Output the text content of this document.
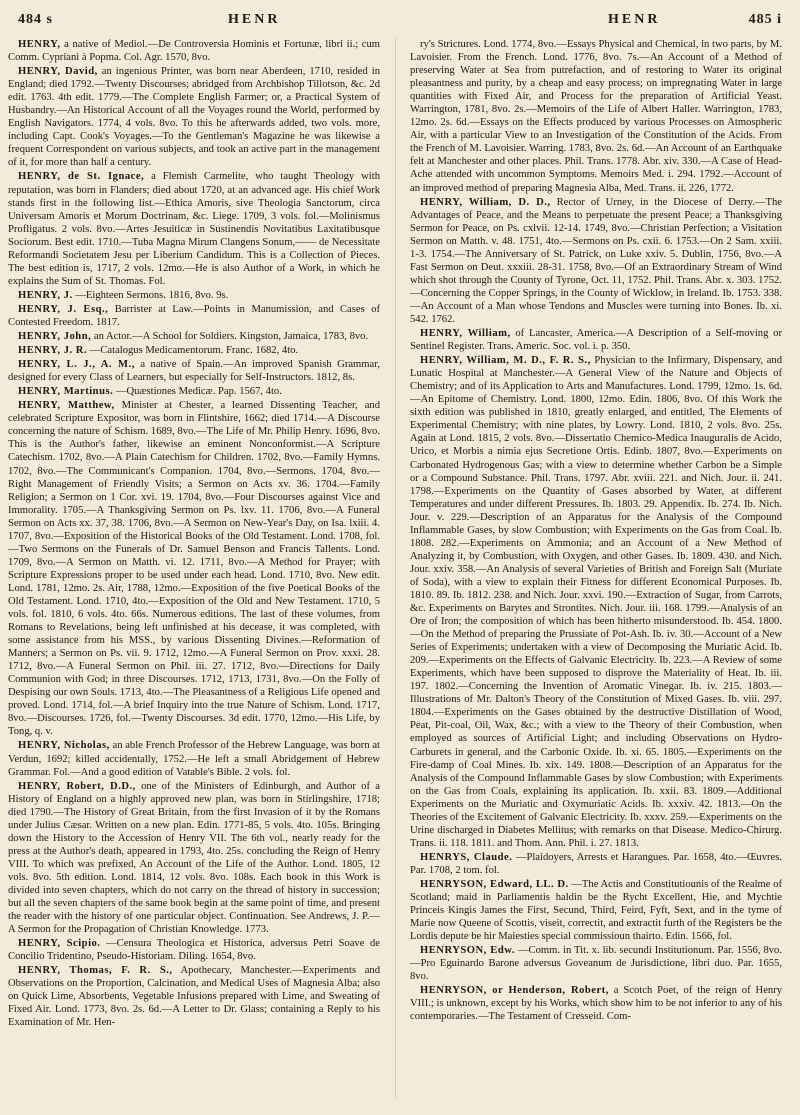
484 s	HENR	HENR	485 i

HENRY, a native of Mediol.—De Controversia Hominis et Fortunæ, libri ii.; cum Comm. Cypriani à Popma. Col. Agr. 1570, 8vo.

HENRY, David, an ingenious Printer, was born near Aberdeen, 1710, resided in England; died 1792.—Twenty Discourses; abridged from Archbishop Tillotson, &c. 2d edit. 1763. 4th edit. 1779.—The Complete English Farmer; or, a Practical System of Husbandry.—An Historical Account of all the Voyages round the World, performed by English Navigators. 1774, 4 vols. 8vo. To this he afterwards added, two vols. more, including Capt. Cook's Voyages.—To the Gentleman's Magazine he was likewise a frequent Correspondent on various subjects, and took an active part in the management of it, for more than half a century.

HENRY, de St. Ignace, a Flemish Carmelite, who taught Theology with reputation, was born in Flanders; died about 1720, at an advanced age. His chief Work stands first in the following list.—Ethica Amoris, sive Theologia Sanctorum, circa Universam Amoris et Morum Doctrinam, &c. Liege. 1709, 3 vols. fol.—Molinismus Profligatus. 2 vols. 8vo.—Artes Jesuiticæ in Sustinendis Novitatibus Laxitatibusque Sociorum. Best edit. 1710.—Tuba Magna Mirum Clangens Sonum,—— de Necessitate Reformandi Societatem Jesu per Liberium Candidum. This is a Collection of Pieces. The best edition is, 1717, 2 vols. 12mo.—He is also Author of a Work, in which he explains the Sum of St. Thomas. Fol.

HENRY, J. —Eighteen Sermons. 1816, 8vo. 9s.

HENRY, J. Esq., Barrister at Law.—Points in Manumission, and Cases of Contested Freedom. 1817.

HENRY, John, an Actor.—A School for Soldiers. Kingston, Jamaica, 1783, 8vo.

HENRY, J. R. —Catalogus Medicamentorum. Franc. 1682, 4to.

HENRY, L. J., A. M., a native of Spain.—An improved Spanish Grammar, designed for every Class of Learners, but especially for Self-Instructors. 1812, 8s.

HENRY, Martinus. —Quæstiones Medicæ. Pap. 1567, 4to.

HENRY, Matthew, Minister at Chester, a learned Dissenting Teacher, and celebrated Scripture Expositor, was born in Flintshire, 1662; died 1714.—A Discourse concerning the nature of Schism. 1689, 8vo.—The Life of Mr. Philip Henry. 1696, 8vo. This is the Author's father, likewise an eminent Nonconformist.—A Scripture Catechism. 1702, 8vo.—A Plain Catechism for Children. 1702, 8vo.—Family Hymns. 1702, 8vo.—The Communicant's Companion. 1704, 8vo.—Sermons. 1704, 8vo.—Right Management of Friendly Visits; a Sermon on Acts xv. 36. 1704.—Family Religion; a Sermon on 1 Cor. xvi. 19. 1704, 8vo.—Four Discourses against Vice and Immorality. 1705.—A Thanksgiving Sermon on Ps. lxv. 11. 1706, 8vo.—A Funeral Sermon on Acts xx. 37, 38. 1706, 8vo.—A Sermon on New-Year's Day, on Isa. lxiii. 4. 1707, 8vo.—Exposition of the Historical Books of the Old Testament. Lond. 1708, fol.—Two Sermons on the Funerals of Dr. Samuel Benson and Francis Tallents. Lond. 1709, 8vo.—A Sermon on Matth. vi. 12. 1711, 8vo.—A Method for Prayer; with Scripture Expressions proper to be used under each head. Lond. 1710, 8vo. New edit. Lond. 1781, 12mo. 2s. Air, 1788, 12mo.—Exposition of the five Poetical Books of the Old Testament. Lond. 1710, 4to.—Exposition of the Old and New Testament. 1710, 5 vols. fol. 1810, 6 vols. 4to. 66s. Numerous editions. The last of these volumes, from Romans to Revelations, being left unfinished at his decease, it was completed, with some assistance from his MSS., by various Dissenting Divines.—Reformation of Manners; a Sermon on Ps. vii. 9. 1712, 12mo.—A Funeral Sermon on Prov. xxxi. 28. 1712, 8vo.—A Funeral Sermon on Phil. iii. 27. 1712, 8vo.—Directions for Daily Communion with God; in three Discourses. 1712, 1713, 1731, 8vo.—On the Folly of Despising our own Souls. 1713, 4to.—The Pleasantness of a Religious Life opened and proved. Lond. 1714, fol.—A brief Inquiry into the true Nature of Schism. Lond. 1717, 8vo.—Discourses. 1726, fol.—Twenty Discourses. 3d edit. 1770, 12mo.—His Life, by Tong, q. v.

HENRY, Nicholas, an able French Professor of the Hebrew Language, was born at Verdun, 1692; killed accidentally, 1752.—He left a small Abridgement of Hebrew Grammar. Fol.—And a good edition of Vatable's Bible. 2 vols. fol.

HENRY, Robert, D.D., one of the Ministers of Edinburgh, and Author of a History of England on a highly approved new plan, was born in Stirlingshire, 1718; died 1790.—The History of Great Britain, from the first Invasion of it by the Romans under Julius Cæsar. Written on a new plan. Edin. 1771-85, 5 vols. 4to. 105s. Bringing down the History to the Accession of Henry VII. The 6th vol., nearly ready for the press at the Author's death, appeared in 1793, 4to. 25s. concluding the Reign of Henry VIII. To which was prefixed, An Account of the Life of the Author. Lond. 1805, 12 vols. 8vo. 5th edition. Lond. 1814, 12 vols. 8vo. 108s. Each book in this Work is divided into seven chapters, which do not carry on the thread of history in succession; but all the seven chapters of the same book begin at the same point of time, and present the reader with the history of one particular object. Continuation. See Andrews, J. P.—A Sermon for the Propagation of Christian Knowledge. 1773.

HENRY, Scipio. —Censura Theologica et Historica, adversus Petri Soave de Concilio Tridentino, Pseudo-Historiam. Diling. 1654, 8vo.

HENRY, Thomas, F. R. S., Apothecary, Manchester.—Experiments and Observations on the Proportion, Calcination, and Medical Uses of Magnesia Alba; also on Quick Lime, Absorbents, Vegetable Infusions prepared with Lime, and Sweating of Fixed Air. Lond. 1773, 8vo. 2s. 6d.—A Letter to Dr. Glass; containing a Reply to his Examination of Mr. Hen-

ry's Strictures. Lond. 1774, 8vo.—Essays Physical and Chemical, in two parts, by M. Lavoisier. From the French. Lond. 1776, 8vo. 7s.—An Account of a Method of preserving Water at Sea from putrefaction, and of restoring to Water its original pleasantness and purity, by a cheap and easy process; on impregnating Water in large quantities with Fixed Air, and Process for the preparation of Artificial Yeast. Warrington, 1781, 8vo. 2s.—Memoirs of the Life of Albert Haller. Warrington, 1783, 12mo. 2s. 6d.—Essays on the Effects produced by various Processes on Atmospheric Air, with a particular View to an Investigation of the Constitution of the Acids. From the French of M. Lavoisier. Warring. 1783, 8vo. 2s. 6d.—An Account of an Earthquake felt at Manchester and other places. Phil. Trans. 1778. Abr. xiv. 330.—A Case of Head-Ache attended with uncommon Symptoms. Memoirs Med. i. 294. 1792.—Account of an improved method of preparing Magnesia Alba, Med. Trans. ii. 226, 1772.

HENRY, William, D. D., Rector of Urney, in the Diocese of Derry.—The Advantages of Peace, and the Means to perpetuate the present Peace; a Thanksgiving Sermon for Peace, on Ps. cxlvii. 12-14. 1749, 8vo.—Christian Perfection; a Visitation Sermon on Matth. v. 48. 1751, 4to.—Sermons on Ps. cxii. 6. 1753.—On 2 Sam. xxiii. 1-3. 1754.—The Anniversary of St. Patrick, on Luke xxiv. 5. Dublin, 1756, 8vo.—A Fast Sermon on Deut. xxxiii. 28-31. 1758, 8vo.—Of an Extraordinary Stream of Wind which shot through the County of Tyrone, Oct. 11, 1752. Phil. Trans. Abr. x. 303. 1752.—Concerning the Copper Springs, in the County of Wicklow, in Ireland. Ib. 1753. 338.—An Account of a Man whose Tendons and Muscles were turning into Bones. Ib. xi. 542. 1762.

HENRY, William, of Lancaster, America.—A Description of a Self-moving or Sentinel Register. Trans. Americ. Soc. vol. i. p. 350.

HENRY, William, M. D., F. R. S., Physician to the Infirmary, Dispensary, and Lunatic Hospital at Manchester.—A General View of the Nature and Objects of Chemistry; and of its Application to Arts and Manufactures. Lond. 1799, 12mo. 1s. 6d.—An Epitome of Chemistry. Lond. 1800, 12mo. Edin. 1806, 8vo. Of this Work the sixth edition was published in 1810, greatly enlarged, and entitled, The Elements of Experimental Chemistry; with nine plates, by Lowry. Lond. 1810, 2 vols. 8vo. 25s. Again at Lond. 1815, 2 vols. 8vo.—Dissertatio Chemico-Medica Inauguralis de Acido, Urico, et Morbis a nimia ejus Secretione Ortis. Edinb. 1807, 8vo.—Experiments on Carbonated Hydrogenous Gas; with a view to determine whether Carbon be a Simple or a Compound Substance. Phil. Trans. 1797. Abr. xviii. 221. and Nich. Jour. ii. 241. 1798.—Experiments on the Quantity of Gases absorbed by Water, at different Temperatures and under different Pressures. Ib. 1803. 29. Appendix. Ib. 274. Ib. Nich. Jour. v. 229.—Description of an Apparatus for the Analysis of the Compound Inflammable Gases, by slow Combustion; with Experiments on the Gas from Coal. Ib. 1808. 282.—Experiments on Ammonia; and an Account of a New Method of Analyzing it, by Combustion, with Oxygen, and other Gases. Ib. 1809. 430. and Nich. Jour. xxiv. 358.—An Analysis of several Varieties of British and Foreign Salt (Muriate of Soda), with a view to explain their Fitness for different Economical Purposes. Ib. 1810. 89. Ib. 1812. 238. and Nich. Jour. xxvi. 190.—Extraction of Sugar, from Carrots, &c. Experiments on Barytes and Strontites. Nich. Jour. iii. 168. 1799.—Analysis of an Ore of Iron; the composition of which has been hitherto misunderstood. Ib. 454. 1800.—On the Method of preparing the Prussiate of Pot-Ash. Ib. iv. 30.—Account of a New Series of Experiments; undertaken with a view of Decomposing the Muriatic Acid. Ib. 209.—Experiments on the Effects of Galvanic Electricity. Ib. 223.—A Review of some Experiments, which have been supposed to disprove the Materiality of Heat. Ib. iii. 197. 1802.—Concerning the Invention of Aromatic Vinegar. Ib. iv. 215. 1803.—Illustrations of Mr. Dalton's Theory of the Constitution of Mixed Gases. Ib. viii. 297. 1804.—Experiments on the Gases obtained by the destructive Distillation of Wood, Peat, Pit-coal, Oil, Wax, &c.; with a view to the Theory of their Combustion, when employed as sources of Artificial Light; and including Observations on Hydro-Carburets in general, and the Carbonic Oxide. Ib. xi. 65. 1805.—Experiments on the Fire-damp of Coal Mines. Ib. xix. 149. 1808.—Description of an Apparatus for the Analysis of the Compound Inflammable Gases by slow Combustion; with Experiments on the Gas from Coals, explaining its application. Ib. xxii. 83. 1809.—Additional Experiments on the Muriatic and Oxymuriatic Acids. Ib. xxxiv. 42. 1813.—On the Theories of the Excitement of Galvanic Electricity. Ib. xxxv. 259.—Experiments on the Urine discharged in Diabetes Mellitus; with remarks on that Disease. Medico-Chirurg. Trans. ii. 118. 1811. and Thom. Ann. Phil. i. 27. 1813.

HENRYS, Claude. —Plaidoyers, Arrests et Harangues. Par. 1658, 4to.—Œuvres. Par. 1708, 2 tom. fol.

HENRYSON, Edward, LL. D. —The Actis and Constitutiounis of the Realme of Scotland; maid in Parliamentis haldin be the Rycht Excellent, Hie, and Mychtie Princeis Kingis James the First, Secund, Third, Feird, Fyft, Sext, and in the tyme of Marie now Queene of Scottis, viseit, correctit, and extractit furth of the Registers be the Lordis depute be hir Maiesties special commissioun thairto. Edin. 1566, fol.

HENRYSON, Edw. —Comm. in Tit. x. lib. secundi Institutionum. Par. 1556, 8vo.—Pro Eguinardo Barone adversus Goveanum de Jurisdictione, libri duo. Par. 1655, 8vo.

HENRYSON, or Henderson, Robert, a Scotch Poet, of the reign of Henry VIII.; is unknown, except by his Works, which show him to be not inferior to any of his contemporaries.—The Testament of Cresseid. Com-
